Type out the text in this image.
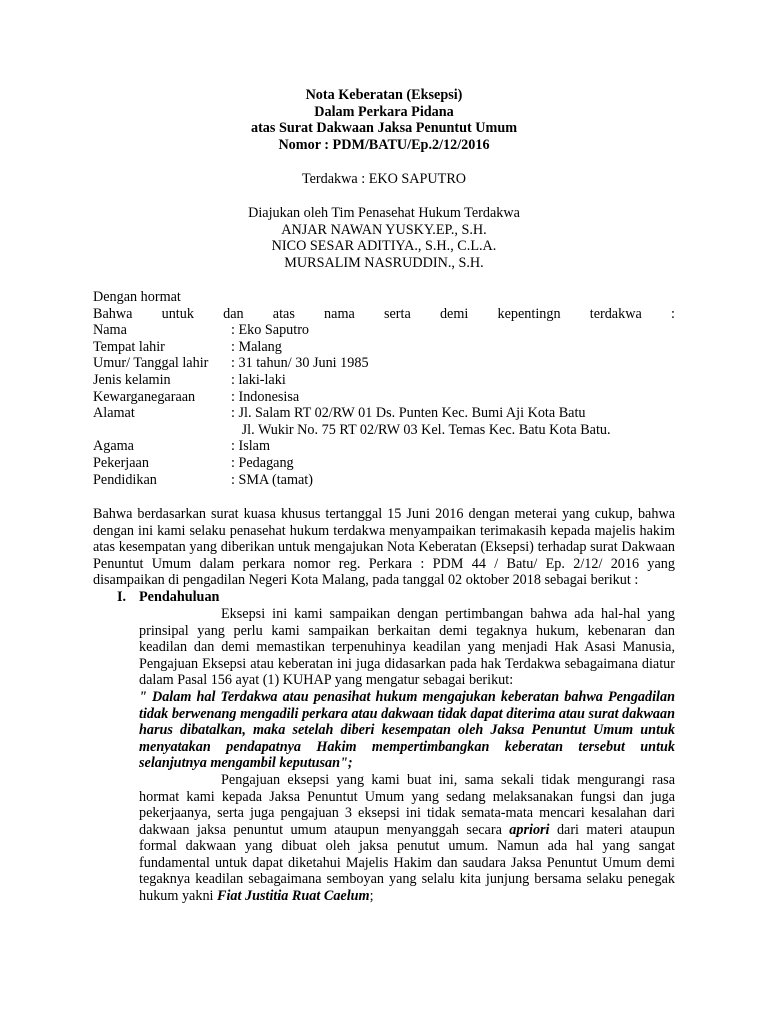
Nota Keberatan (Eksepsi)
Dalam Perkara Pidana
atas Surat Dakwaan Jaksa Penuntut Umum
Nomor : PDM/BATU/Ep.2/12/2016
Terdakwa : EKO SAPUTRO
Diajukan oleh Tim Penasehat Hukum Terdakwa
ANJAR NAWAN YUSKY.EP., S.H.
NICO SESAR ADITIYA., S.H., C.L.A.
MURSALIM NASRUDDIN., S.H.
Dengan hormat
Bahwa untuk dan atas nama serta demi kepentingn terdakwa :
Nama	: Eko Saputro
Tempat lahir	: Malang
Umur/ Tanggal lahir : 31 tahun/ 30 Juni 1985
Jenis kelamin	: laki-laki
Kewarganegaraan	: Indonesisa
Alamat	: Jl. Salam RT 02/RW 01 Ds. Punten Kec. Bumi Aji Kota Batu
Jl. Wukir No. 75 RT 02/RW 03 Kel. Temas Kec. Batu Kota Batu.
Agama	: Islam
Pekerjaan	: Pedagang
Pendidikan	: SMA (tamat)
Bahwa berdasarkan surat kuasa khusus tertanggal 15 Juni 2016 dengan meterai yang cukup, bahwa dengan ini kami selaku penasehat hukum terdakwa menyampaikan terimakasih kepada majelis hakim atas kesempatan yang diberikan untuk mengajukan Nota Keberatan (Eksepsi) terhadap surat Dakwaan Penuntut Umum dalam perkara nomor reg. Perkara : PDM 44 / Batu/ Ep. 2/12/ 2016 yang disampaikan di pengadilan Negeri Kota Malang, pada tanggal 02 oktober 2018 sebagai berikut :
I. Pendahuluan
Eksepsi ini kami sampaikan dengan pertimbangan bahwa ada hal-hal yang prinsipal yang perlu kami sampaikan berkaitan demi tegaknya hukum, kebenaran dan keadilan dan demi memastikan terpenuhinya keadilan yang menjadi Hak Asasi Manusia, Pengajuan Eksepsi atau keberatan ini juga didasarkan pada hak Terdakwa sebagaimana diatur dalam Pasal 156 ayat (1) KUHAP yang mengatur sebagai berikut:
" Dalam hal Terdakwa atau penasihat hukum mengajukan keberatan bahwa Pengadilan tidak berwenang mengadili perkara atau dakwaan tidak dapat diterima atau surat dakwaan harus dibatalkan, maka setelah diberi kesempatan oleh Jaksa Penuntut Umum untuk menyatakan pendapatnya Hakim mempertimbangkan keberatan tersebut untuk selanjutnya mengambil keputusan";
Pengajuan eksepsi yang kami buat ini, sama sekali tidak mengurangi rasa hormat kami kepada Jaksa Penuntut Umum yang sedang melaksanakan fungsi dan juga pekerjaanya, serta juga pengajuan 3 eksepsi ini tidak semata-mata mencari kesalahan dari dakwaan jaksa penuntut umum ataupun menyanggah secara apriori dari materi ataupun formal dakwaan yang dibuat oleh jaksa penutut umum. Namun ada hal yang sangat fundamental untuk dapat diketahui Majelis Hakim dan saudara Jaksa Penuntut Umum demi tegaknya keadilan sebagaimana semboyan yang selalu kita junjung bersama selaku penegak hukum yakni Fiat Justitia Ruat Caelum;
